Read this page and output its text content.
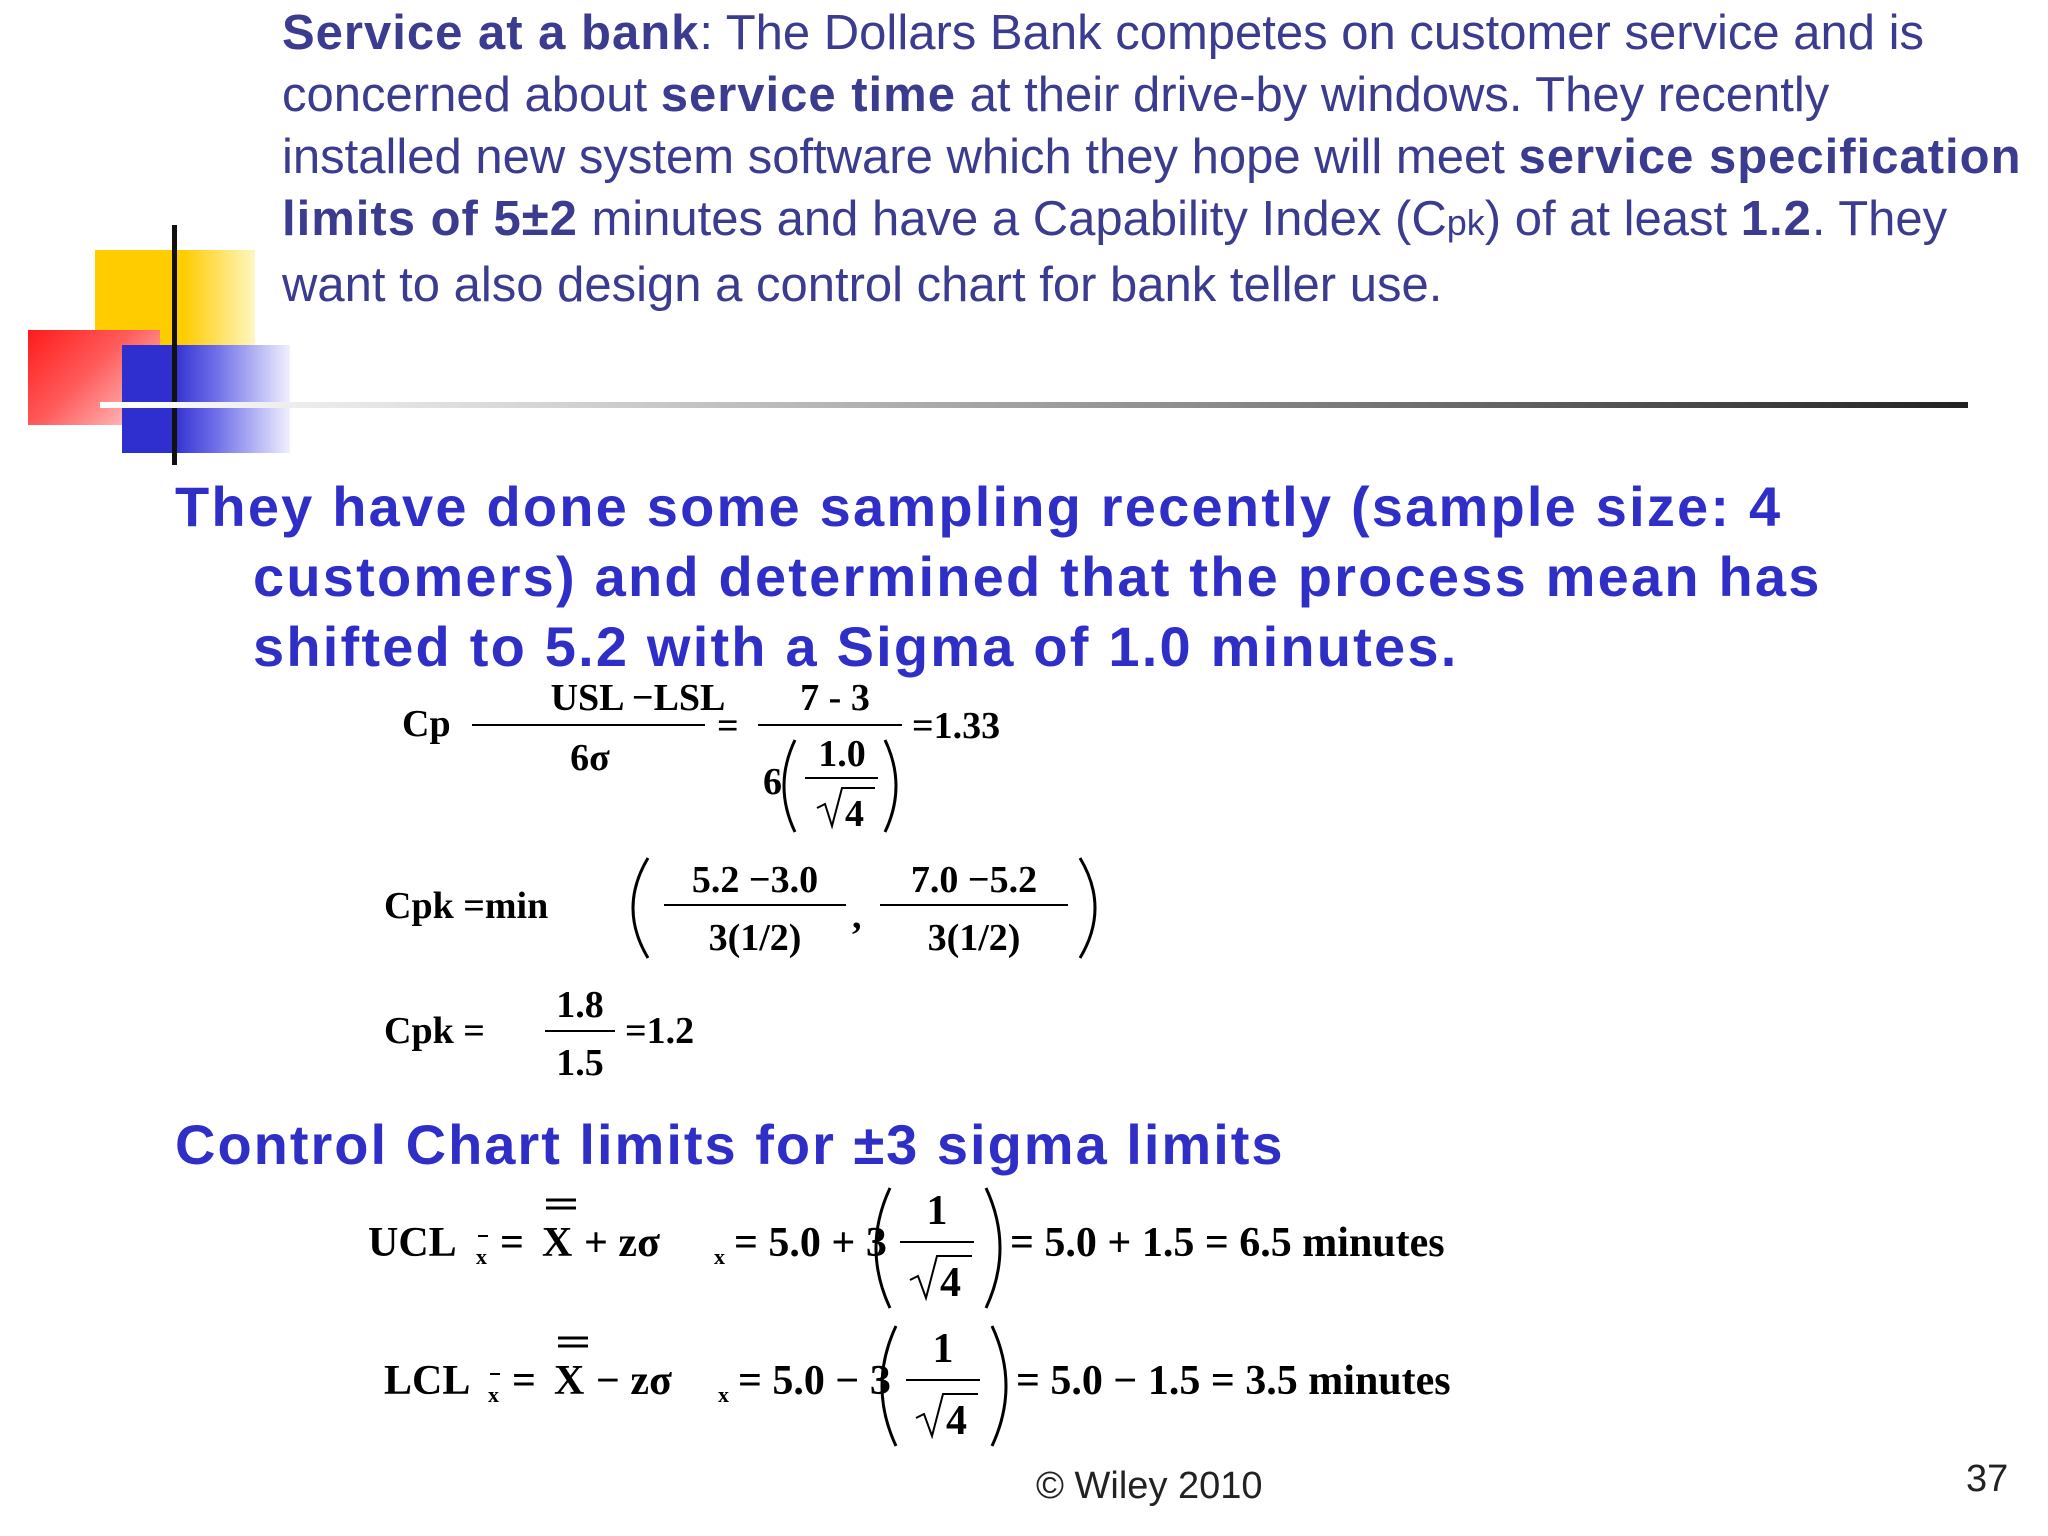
Service at a bank: The Dollars Bank competes on customer service and is concerned about service time at their drive-by windows. They recently installed new system software which they hope will meet service specification limits of 5±2 minutes and have a Capability Index (Cpk) of at least 1.2. They want to also design a control chart for bank teller use.
They have done some sampling recently (sample size: 4
customers) and determined that the process mean has
shifted to 5.2 with a Sigma of 1.0 minutes.
Cp
USL −LSL
6σ
=
7 - 3
6
1.0
4
=1.33
Cpk =min
5.2 −3.0
3(1/2)
,
7.0 −5.2
3(1/2)
Cpk =
1.8
1.5
=1.2
Control Chart limits for ±3 sigma limits
UCL x = X + zσ x = 5.0 + 3
1
4
= 5.0 + 1.5 = 6.5 minutes
LCL x = X − zσ x = 5.0 − 3
1
4
= 5.0 − 1.5 = 3.5 minutes
© Wiley 2010	37
